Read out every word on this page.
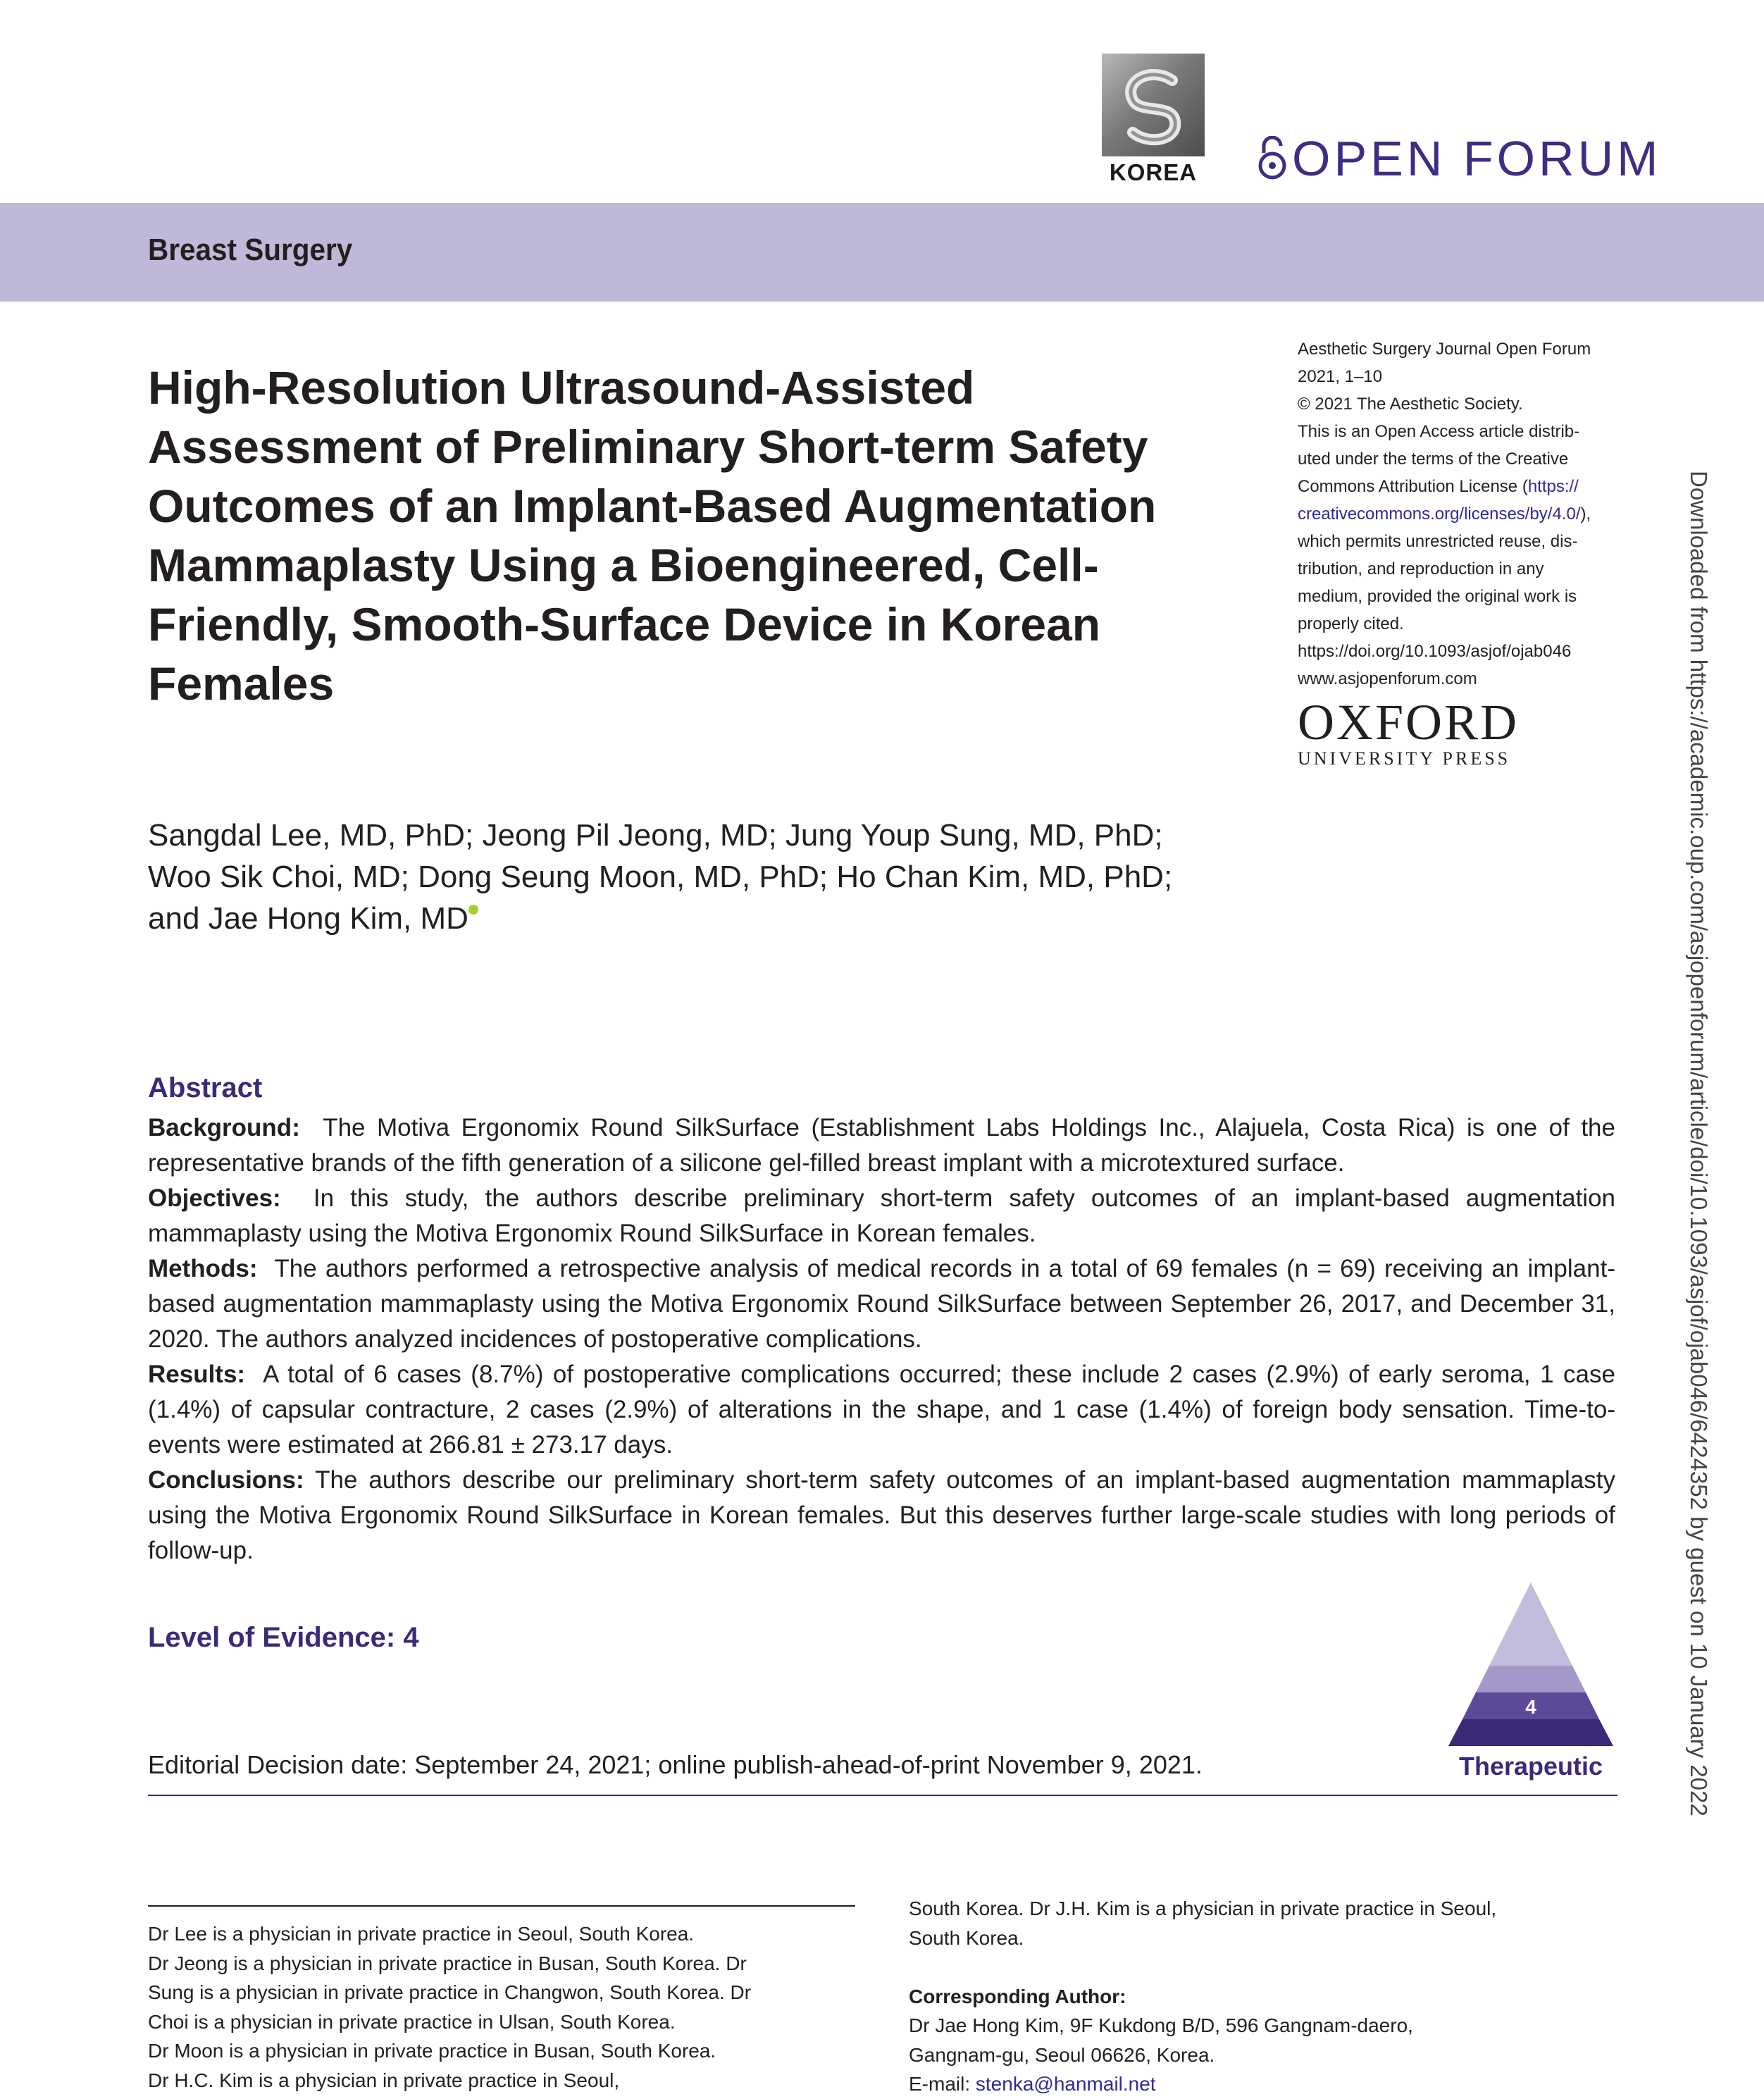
KOREA OPEN FORUM
Breast Surgery
High-Resolution Ultrasound-Assisted Assessment of Preliminary Short-term Safety Outcomes of an Implant-Based Augmentation Mammaplasty Using a Bioengineered, Cell-Friendly, Smooth-Surface Device in Korean Females
Aesthetic Surgery Journal Open Forum
2021, 1–10
© 2021 The Aesthetic Society.
This is an Open Access article distrib-
uted under the terms of the Creative
Commons Attribution License (https://
creativecommons.org/licenses/by/4.0/),
which permits unrestricted reuse, dis-
tribution, and reproduction in any
medium, provided the original work is
properly cited.
https://doi.org/10.1093/asjof/ojab046
www.asjopenforum.com
OXFORD
UNIVERSITY PRESS
Sangdal Lee, MD, PhD; Jeong Pil Jeong, MD; Jung Youp Sung, MD, PhD;
Woo Sik Choi, MD; Dong Seung Moon, MD, PhD; Ho Chan Kim, MD, PhD;
and Jae Hong Kim, MD
Abstract

Background: The Motiva Ergonomix Round SilkSurface (Establishment Labs Holdings Inc., Alajuela, Costa Rica) is one of the representative brands of the fifth generation of a silicone gel-filled breast implant with a microtextured surface.

Objectives: In this study, the authors describe preliminary short-term safety outcomes of an implant-based augmentation mammaplasty using the Motiva Ergonomix Round SilkSurface in Korean females.

Methods: The authors performed a retrospective analysis of medical records in a total of 69 females (n = 69) receiving an implant-based augmentation mammaplasty using the Motiva Ergonomix Round SilkSurface between September 26, 2017, and December 31, 2020. The authors analyzed incidences of postoperative complications.

Results: A total of 6 cases (8.7%) of postoperative complications occurred; these include 2 cases (2.9%) of early seroma, 1 case (1.4%) of capsular contracture, 2 cases (2.9%) of alterations in the shape, and 1 case (1.4%) of foreign body sensation. Time-to-events were estimated at 266.81 ± 273.17 days.

Conclusions: The authors describe our preliminary short-term safety outcomes of an implant-based augmentation mammaplasty using the Motiva Ergonomix Round SilkSurface in Korean females. But this deserves further large-scale studies with long periods of follow-up.

Level of Evidence: 4
4
Therapeutic
Editorial Decision date: September 24, 2021; online publish-ahead-of-print November 9, 2021.
Dr Lee is a physician in private practice in Seoul, South Korea.
Dr Jeong is a physician in private practice in Busan, South Korea. Dr
Sung is a physician in private practice in Changwon, South Korea. Dr
Choi is a physician in private practice in Ulsan, South Korea.
Dr Moon is a physician in private practice in Busan, South Korea.
Dr H.C. Kim is a physician in private practice in Seoul,
South Korea. Dr J.H. Kim is a physician in private practice in Seoul,
South Korea.
Corresponding Author:
Dr Jae Hong Kim, 9F Kukdong B/D, 596 Gangnam-daero,
Gangnam-gu, Seoul 06626, Korea.
E-mail: stenka@hanmail.net
Downloaded from https://academic.oup.com/asjopenforum/article/doi/10.1093/asjof/ojab046/6424352 by guest on 10 January 2022
